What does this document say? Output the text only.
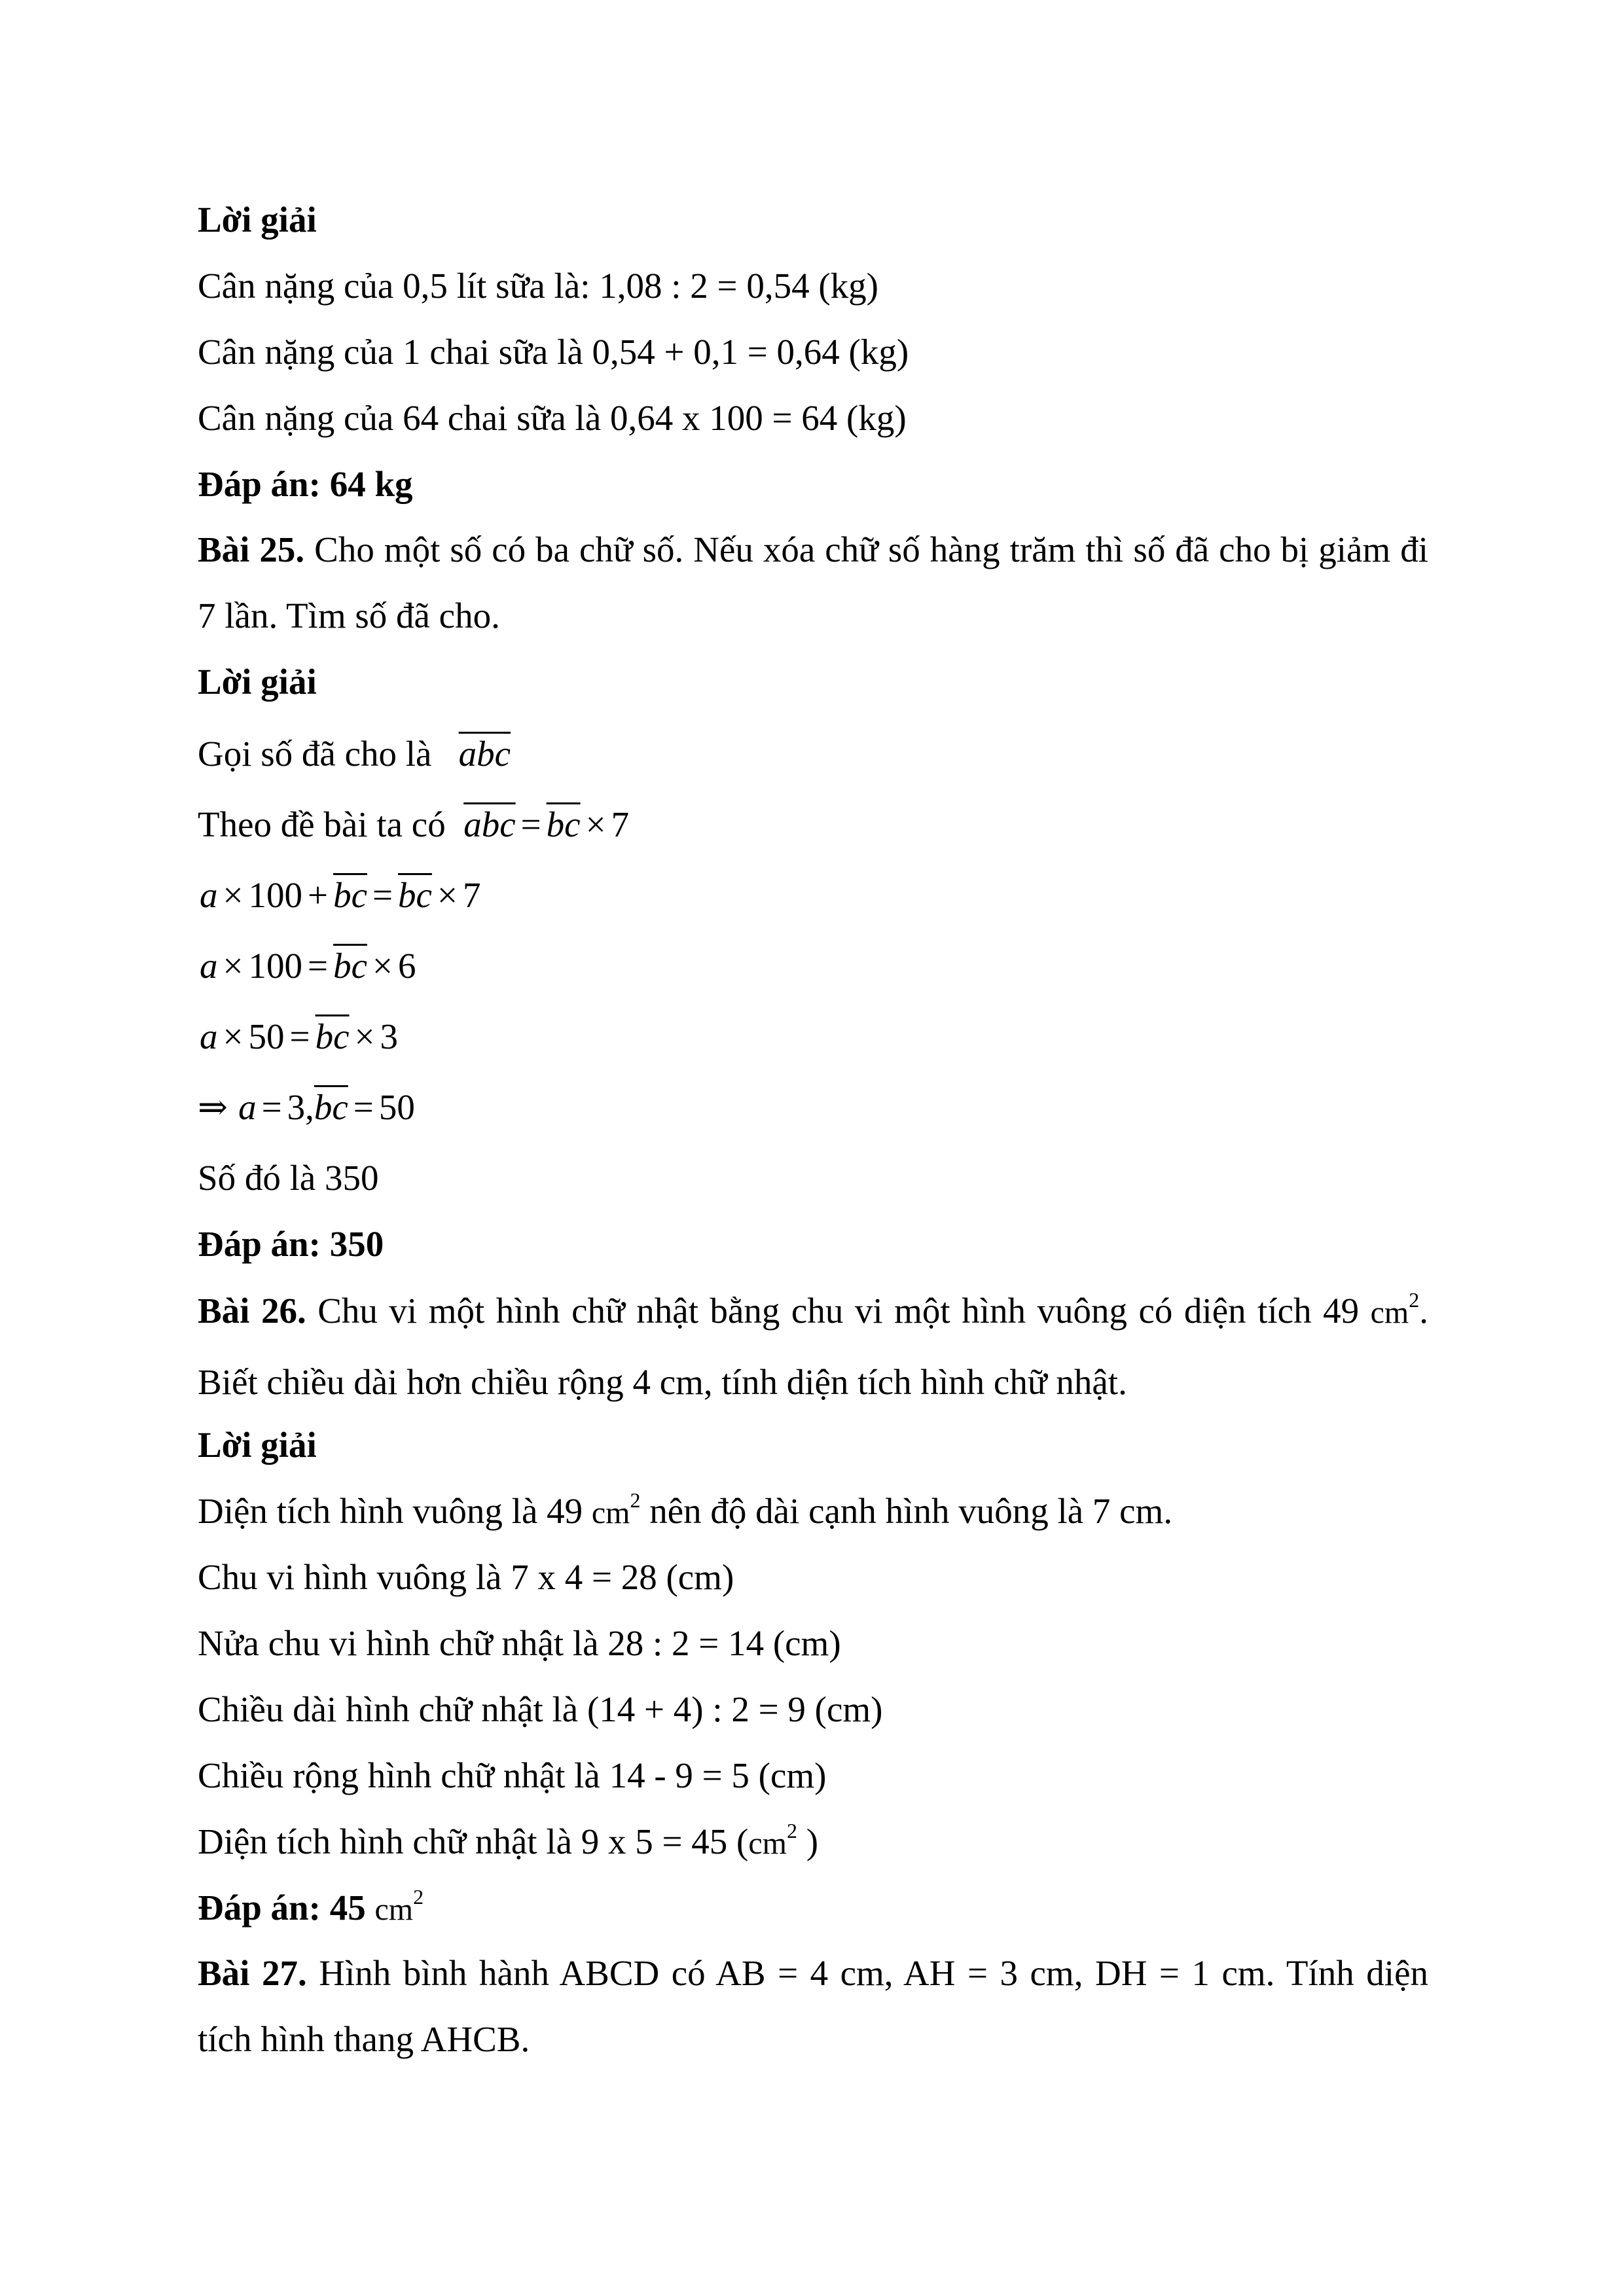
Lời giải
Cân nặng của 0,5 lít sữa là: 1,08 : 2 = 0,54 (kg)
Cân nặng của 1 chai sữa là 0,54 + 0,1 = 0,64 (kg)
Cân nặng của 64 chai sữa là 0,64 x 100 = 64 (kg)
Đáp án: 64 kg
Bài 25. Cho một số có ba chữ số. Nếu xóa chữ số hàng trăm thì số đã cho bị giảm đi 7 lần. Tìm số đã cho.
Lời giải
Gọi số đã cho là $\overline{abc}$
Theo đề bài ta có $\overline{abc} = \overline{bc} \times 7$
$a \times 100 + \overline{bc} = \overline{bc} \times 7$
$a \times 100 = \overline{bc} \times 6$
$a \times 50 = \overline{bc} \times 3$
⇒ $a = 3,\overline{bc} = 50$
Số đó là 350
Đáp án: 350
Bài 26. Chu vi một hình chữ nhật bằng chu vi một hình vuông có diện tích 49 $cm^2$. Biết chiều dài hơn chiều rộng 4 cm, tính diện tích hình chữ nhật.
Lời giải
Diện tích hình vuông là 49 $cm^2$ nên độ dài cạnh hình vuông là 7 cm.
Chu vi hình vuông là 7 x 4 = 28 (cm)
Nửa chu vi hình chữ nhật là 28 : 2 = 14 (cm)
Chiều dài hình chữ nhật là (14 + 4) : 2 = 9 (cm)
Chiều rộng hình chữ nhật là 14 - 9 = 5 (cm)
Diện tích hình chữ nhật là 9 x 5 = 45 ($cm^2$ )
Đáp án: 45 $cm^2$
Bài 27. Hình bình hành ABCD có AB = 4 cm, AH = 3 cm, DH = 1 cm. Tính diện tích hình thang AHCB.
